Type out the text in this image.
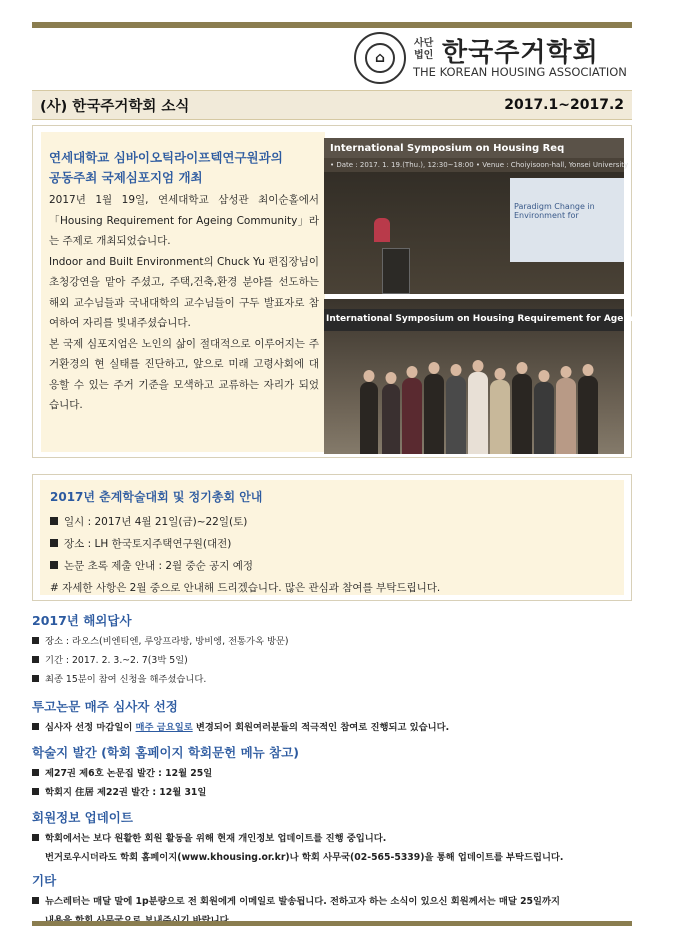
⌂
사단 법인 한국주거학회
THE KOREAN HOUSING ASSOCIATION
(사) 한국주거학회 소식	2017.1~2017.2
연세대학교 심바이오틱라이프텍연구원과의
공동주최 국제심포지엄 개최
2017년 1월 19일, 연세대학교 삼성관 최이순홀에서 「Housing Requirement for Ageing Community」라는 주제로 개최되었습니다.
Indoor and Built Environment의 Chuck Yu 편집장님이 초청강연을 맡아 주셨고, 주택,건축,환경 분야를 선도하는 해외 교수님들과 국내대학의 교수님들이 구두 발표자로 참여하여 자리를 빛내주셨습니다.
본 국제 심포지엄은 노인의 삶이 절대적으로 이루어지는 주거환경의 현 실태를 진단하고, 앞으로 미래 고령사회에 대응할 수 있는 주거 기준을 모색하고 교류하는 자리가 되었습니다.
International Symposium on Housing Req
• Date : 2017. 1. 19.(Thu.), 12:30~18:00 • Venue : Choiyisoon-hall, Yonsei University
Paradigm Change in Environment for
International Symposium on Housing Requirement for Ageing Community
2017년 춘계학술대회 및 정기총회 안내
일시 : 2017년 4월 21일(금)~22일(토)
장소 : LH 한국토지주택연구원(대전)
논문 초록 제출 안내 : 2월 중순 공지 예정
# 자세한 사항은 2월 중으로 안내해 드리겠습니다. 많은 관심과 참여를 부탁드립니다.
2017년 해외답사
장소 : 라오스(비엔티엔, 루앙프라방, 방비엥, 전통가옥 방문)
기간 : 2017. 2. 3.~2. 7(3박 5일)
최종 15분이 참여 신청을 해주셨습니다.
투고논문 매주 심사자 선정
심사자 선정 마감일이 매주 금요일로 변경되어 회원여러분들의 적극적인 참여로 진행되고 있습니다.
학술지 발간 (학회 홈페이지 학회문헌 메뉴 참고)
제27권 제6호 논문집 발간 : 12월 25일
학회지 住居 제22권 발간 : 12월 31일
회원정보 업데이트
학회에서는 보다 원활한 회원 활동을 위해 현재 개인정보 업데이트를 진행 중입니다.
번거로우시더라도 학회 홈페이지(www.khousing.or.kr)나 학회 사무국(02-565-5339)을 통해 업데이트를 부탁드립니다.
기타
뉴스레터는 매달 말에 1p분량으로 전 회원에게 이메일로 발송됩니다. 전하고자 하는 소식이 있으신 회원께서는 매달 25일까지
